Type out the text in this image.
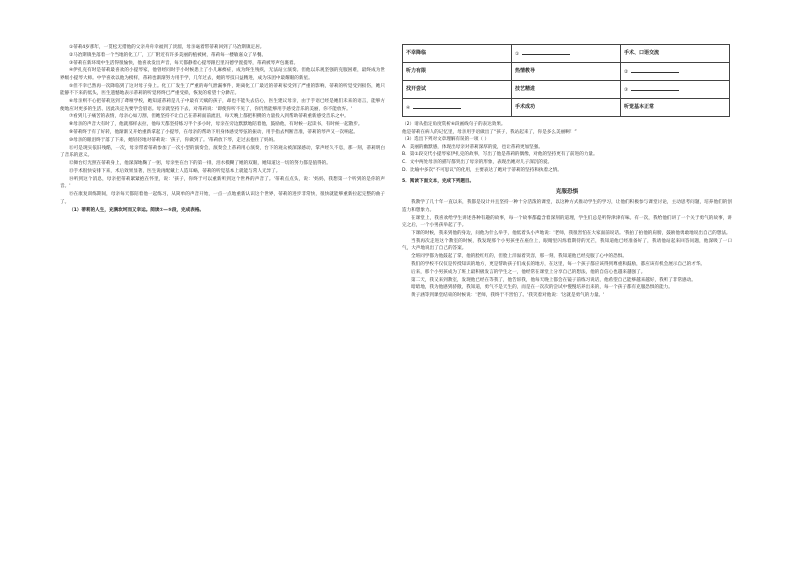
①蒂莉4岁那年，一贯松无措他的父亲舟舟幸福到了淡溜，母亲毫着带蒂莉回到了马冶斯镇定居。

②马冶斯镇坐落着一个当地的化工厂，工厂附近有许多美丽的植被树，蒂莉每一楼敏嘉众了早餐。

③蒂莉在新环境中生活得很愉快，他喜欢发出声音，每天都静着心提琴跟巴里冯德学置提琴，蒂莉被琴声包裹着。

④伊扎克有时是蒂莉最喜欢的小提琴家，他曾经同时手小时候患上了小儿麻痹症，成为终生残疾，无法站立演奏。但他以乐观坚强的克服困难，最终成为世界级小提琴大师。中学喜欢以他为榜样，蒂莉也渐渐努力用手学，几年过去，她的琴技日益精进，成为乐团中最耀眼的新星。

⑤但不幸已然再一次降临到了这对母子身上。化工厂发生了严重的毒气泄漏事件，距离化工厂最近的蒂莉家受到了严重的影响，蒂莉的听觉受到损伤，她只能静不下来的低头，医生遗憾地表示蒂莉的听觉将终已严重受损，恢复的希望十分渺茫。

⑥母亲则不心把蒂莉送到了聋哑学校，她知道蒂莉是儿子中最有天赋的孩子，却也不能失去信心，医生建议母亲，由于手语已经是她们未来的语言，能够方便地应对更多的生活、因此决定先要学会唇语。母亲就坚持下去，对蒂莉说：'即使你听不见了，你仍然能够用手感受音乐的美丽，你不能放弃。'

⑦看到儿子痛苦的表情，母亲心如刀割，但她坚持不让自己在蒂莉面前流泪，每天晚上都把积攒的力量投入到帮助蒂莉重新感受音乐之中。

⑧母亲的声音大有时了，他就那样去拉，他每天都坚持练习半个多小时，母亲在旁边默默地陪着他，鼓励他，有时候一起读书，有时候一起散步。

⑨蒂莉终于有了好转，他渐渐又开始重新拿起了小提琴，在母亲的帮助下用身体感受琴弦的振动，用手指去判断音准，蒂莉的琴声又一次响起。

⑩母亲的眼泪终于落了下来，她轻轻地对蒂莉说：'孩子，你做到了。'蒂莉放下琴，走过去抱住了妈妈。

⑪可是现实依旧残酷，一次，母亲带着蒂莉参加了一次小型的演奏会，演奏会上蒂莉用心演奏，台下的观众被深深感动，掌声经久不息，那一刻，蒂莉明白了音乐的意义。

⑫舞台灯光照在蒂莉身上，他深深地鞠了一躬，母亲坐在台下的第一排，泪水模糊了她的双眼，她知道这一切的努力都是值得的。

⑬手术很快安排下来，术后效果显著，医生说再配戴上人造耳蜗，蒂莉的听觉基本上就能与常人无异了。

⑭听到这个消息，母亲把蒂莉紧紧抱在怀里，说：'孩子，你终于可以重新听到这个世界的声音了。'蒂莉点点头，说：'妈妈，我想第一个听到的是你的声音。'

⑮在康复训练期间，母亲每天都陪着他一起练习，从简单的声音开始，一点一点地重新认识这个世界，蒂莉的进步非常快，很快就能够重新拉起完整的曲子了。

（1）蒂莉的人生，充满坎坷而又幸运。阅读①—⑤段，完成表格。

不幸降临	①	手术、口语交流
听力有限	热情教导	②
找开尝试	技艺精进	③
④	手术成功	听觉基本正常

（2）请从指定角度赏析⑥段画线句子的表达效果。

他是蒂莉在病人的记忆里，母亲用手语做出了“孩子，我站起来了，你是多么美丽啊！”

（3）选出下列对文章理解有误的一项（ ）

A．美丽的幽默感，体现出母亲对蒂莉深厚的爱，也让蒂莉更加坚强。

B．第①段交代小提琴家伊扎克的故事，写出了他是蒂莉的偶像，对他的坚持更有了前进的力量。

C．文中两处母亲的描写都突出了母亲的形象，表现出她对儿子深沉的爱。

D．比喻中多次“不可思议”的化用，主要表达了她对于蒂莉的坚持和执着之情。

5．阅读下面文本，完成下列题目。

克服恐惧

我教学了几十年一直以来，我都是设计并且坚持一种十分活泼的课堂，以这种方式推动学生的学习，让他们积极参与课堂讨论，主动思考问题，培养他们的创造力和想象力。

在课堂上，我喜欢给学生讲述各种有趣的故事，每一个故事都蕴含着深刻的道理，学生们总是听得津津有味。有一次，我给他们讲了一个关于勇气的故事，讲完之后，一个小男孩举起了手。

下课的时候，我来到他的身边，问他为什么举手，他低着头小声地说：'老师，我很害怕在大家面前说话。'我拍了拍他的肩膀，鼓励他勇敢地说出自己的想法。

当我再次走进这个教室的时候，我发现那个小男孩坐在座位上，眼睛里闪烁着期待的光芒，我知道他已经准备好了，我请他站起来回答问题，他深吸了一口气，大声地说出了自己的答案。

全班同学都为他鼓起了掌，他的脸红红的，但脸上洋溢着笑容，那一刻，我知道他已经克服了心中的恐惧。

我们的学校不仅仅是传授知识的地方，更是帮助孩子们成长的地方，在这里，每一个孩子都应该得到尊重和鼓励，都应该有机会展示自己的才华。

后来，那个小男孩成为了班上最积极发言的学生之一，他经常在课堂上分享自己的想法，他的自信心也越来越强了。

第二天，我又来到教室，发现他已经在等我了，他告诉我，他每天晚上都会在镜子前练习说话，他希望自己能够越来越好，我听了非常感动。

暗暗地，我为他感到骄傲，我知道，勇气不是天生的，而是在一次次的尝试中慢慢培养出来的，每一个孩子都有克服恐惧的能力。

黄子涵等到课堂结束的时候说：'老师，我终于不害怕了。'我笑着对他说：'这就是勇气的力量。'
